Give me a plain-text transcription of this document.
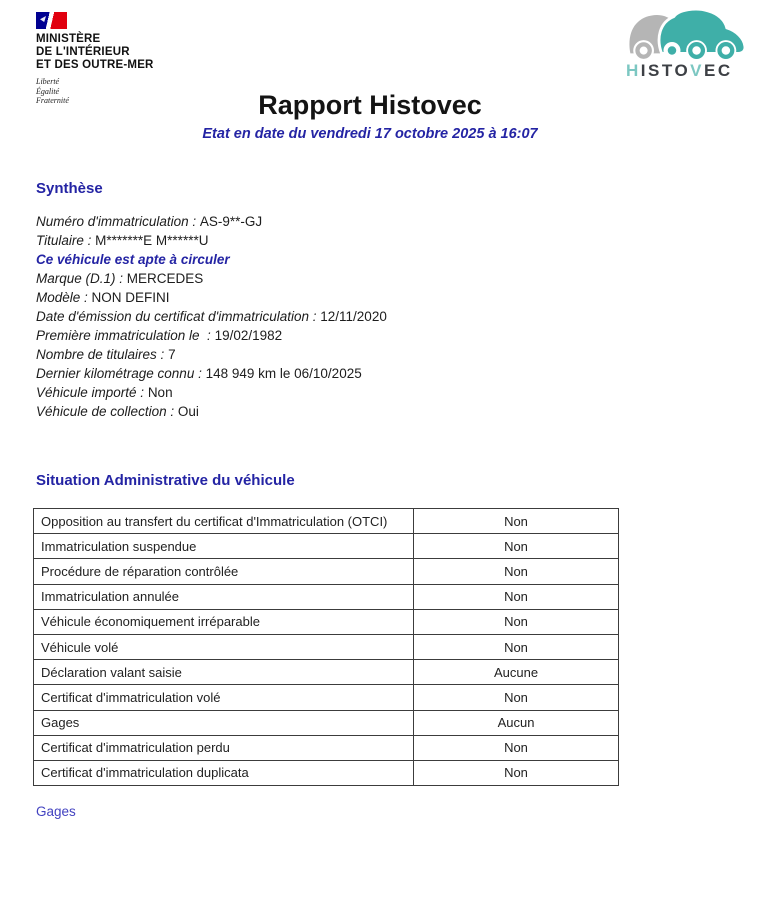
MINISTÈRE
DE L'INTÉRIEUR
ET DES OUTRE-MER
Liberté
Égalité
Fraternité
HISTOVEC
Rapport Histovec
Etat en date du vendredi 17 octobre 2025 à 16:07
Synthèse
Numéro d'immatriculation : AS-9**-GJ
Titulaire : M*******E M******U
Ce véhicule est apte à circuler
Marque (D.1) : MERCEDES
Modèle : NON DEFINI
Date d'émission du certificat d'immatriculation : 12/11/2020
Première immatriculation le  : 19/02/1982
Nombre de titulaires : 7
Dernier kilométrage connu : 148 949 km le 06/10/2025
Véhicule importé : Non
Véhicule de collection : Oui
Situation Administrative du véhicule
Opposition au transfert du certificat d'Immatriculation (OTCI)	Non
Immatriculation suspendue	Non
Procédure de réparation contrôlée	Non
Immatriculation annulée	Non
Véhicule économiquement irréparable	Non
Véhicule volé	Non
Déclaration valant saisie	Aucune
Certificat d'immatriculation volé	Non
Gages	Aucun
Certificat d'immatriculation perdu	Non
Certificat d'immatriculation duplicata	Non
Gages
